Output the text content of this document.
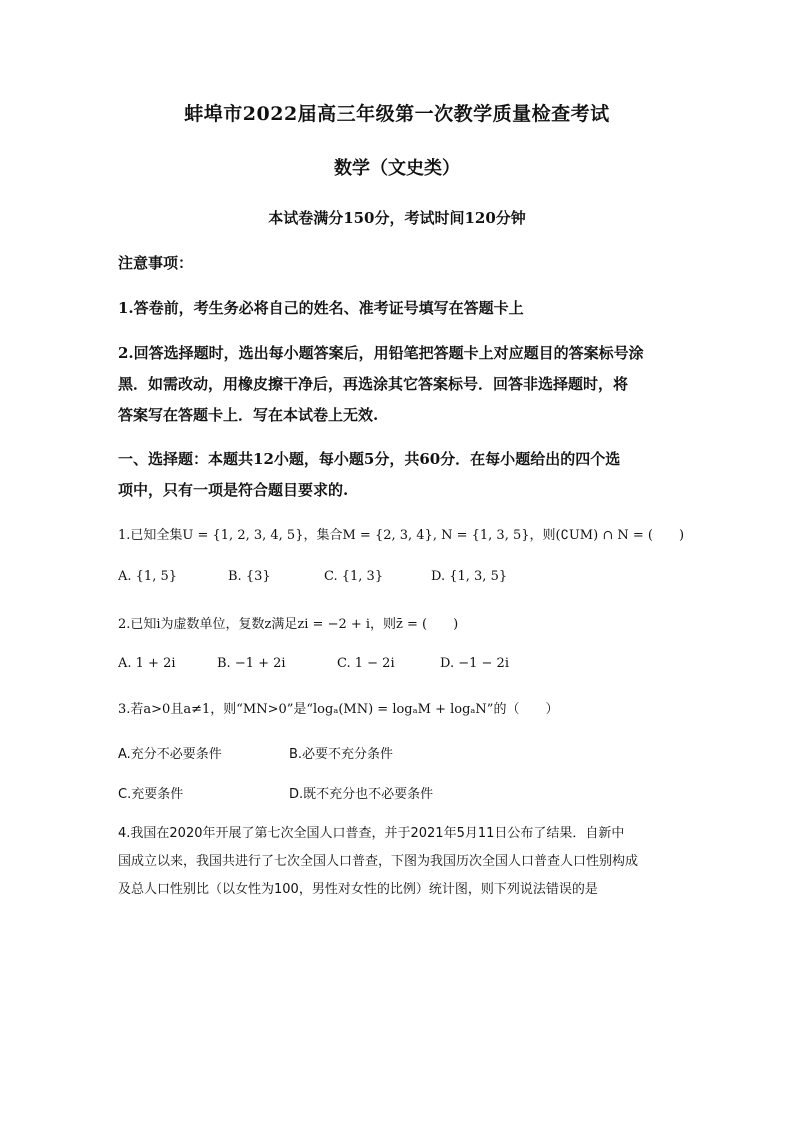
蚌埠市2022届高三年级第一次教学质量检查考试
数学（文史类）
本试卷满分150分，考试时间120分钟
注意事项：
1.答卷前，考生务必将自己的姓名、准考证号填写在答题卡上
2.回答选择题时，选出每小题答案后，用铅笔把答题卡上对应题目的答案标号涂
黑．如需改动，用橡皮擦干净后，再选涂其它答案标号．回答非选择题时，将
答案写在答题卡上．写在本试卷上无效.
一、选择题：本题共12小题，每小题5分，共60分．在每小题给出的四个选
项中，只有一项是符合题目要求的.
1.已知全集U = {1, 2, 3, 4, 5}，集合M = {2, 3, 4}, N = {1, 3, 5}，则(∁UM) ∩ N = (　　)
A. {1, 5}	B. {3}	C. {1, 3}	D. {1, 3, 5}
2.已知i为虚数单位，复数z满足zi = −2 + i，则z̄ = (　　)
A. 1 + 2i	B. −1 + 2i	C. 1 − 2i	D. −1 − 2i
3.若a>0且a≠1，则“MN>0”是“logₐ(MN) = logₐM + logₐN”的（　　）
A.充分不必要条件	B.必要不充分条件
C.充要条件	D.既不充分也不必要条件
4.我国在2020年开展了第七次全国人口普查，并于2021年5月11日公布了结果．自新中
国成立以来，我国共进行了七次全国人口普查，下图为我国历次全国人口普查人口性别构成
及总人口性别比（以女性为100，男性对女性的比例）统计图，则下列说法错误的是
